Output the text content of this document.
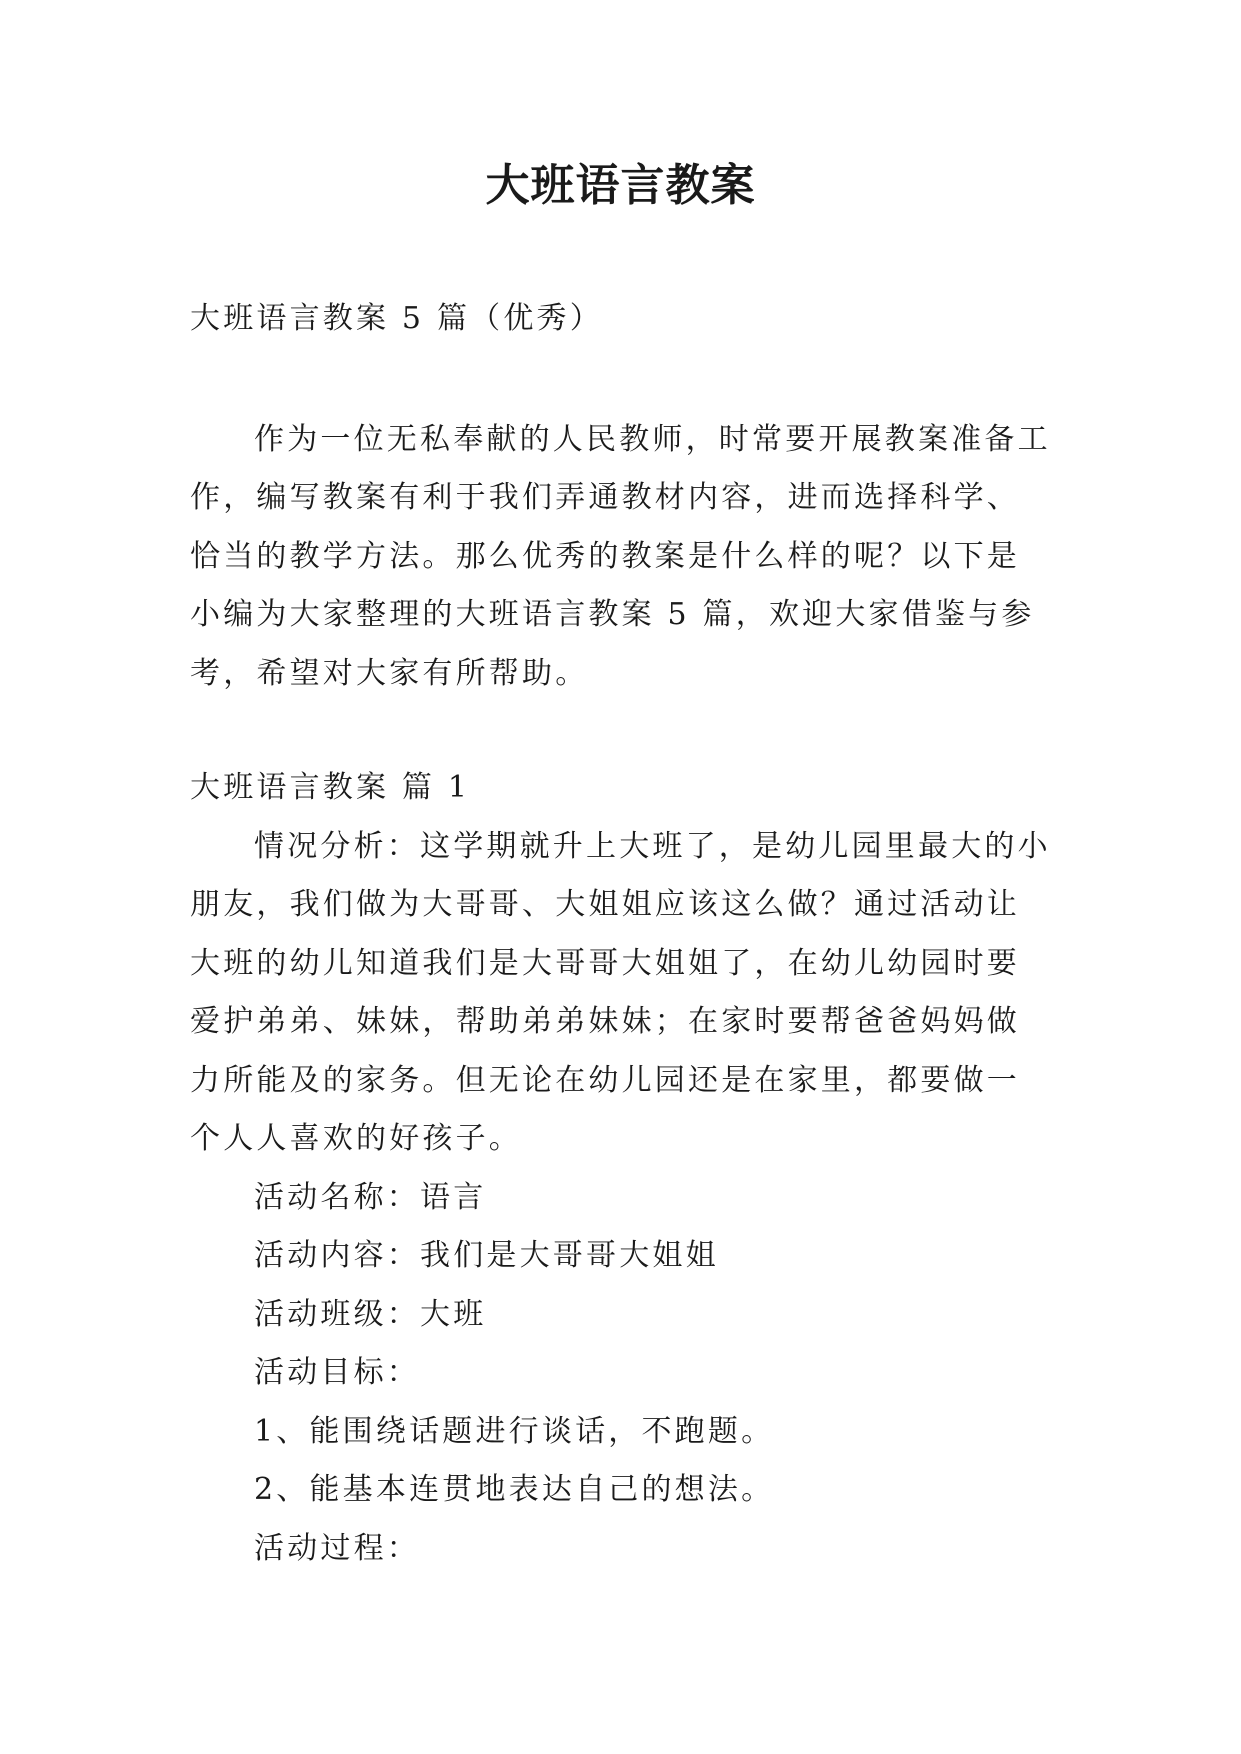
大班语言教案

大班语言教案 5 篇（优秀）

作为一位无私奉献的人民教师，时常要开展教案准备工作，编写教案有利于我们弄通教材内容，进而选择科学、恰当的教学方法。那么优秀的教案是什么样的呢？以下是小编为大家整理的大班语言教案 5 篇，欢迎大家借鉴与参考，希望对大家有所帮助。

大班语言教案 篇 1

情况分析：这学期就升上大班了，是幼儿园里最大的小朋友，我们做为大哥哥、大姐姐应该这么做？通过活动让大班的幼儿知道我们是大哥哥大姐姐了，在幼儿幼园时要爱护弟弟、妹妹，帮助弟弟妹妹；在家时要帮爸爸妈妈做力所能及的家务。但无论在幼儿园还是在家里，都要做一个人人喜欢的好孩子。

活动名称：语言

活动内容：我们是大哥哥大姐姐

活动班级：大班

活动目标：

1、能围绕话题进行谈话，不跑题。

2、能基本连贯地表达自己的想法。

活动过程：
